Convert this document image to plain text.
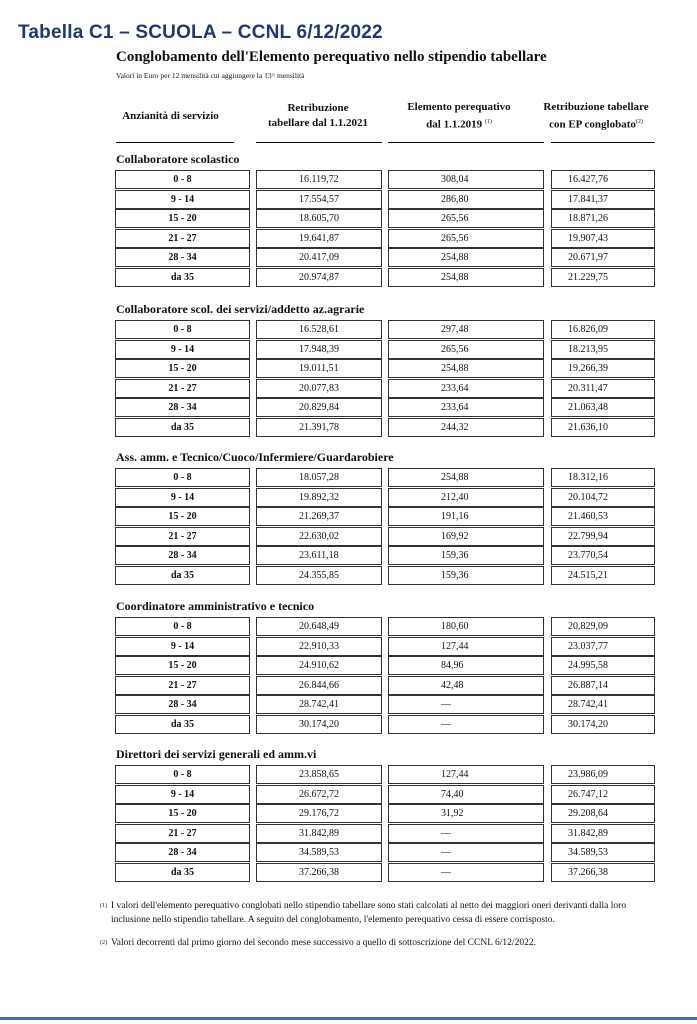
Tabella C1 – SCUOLA – CCNL 6/12/2022
Conglobamento dell'Elemento perequativo nello stipendio tabellare
Valori in Euro per 12 mensilità cui aggiungere la 13^ mensilità
Anzianità di servizio
Retribuzione tabellare dal 1.1.2021
Elemento perequativo dal 1.1.2019 $^{(1)}$
Retribuzione tabellare con EP conglobato$^{(2)}$
Collaboratore scolastico
0 - 8	16.119,72	308,04	16.427,76
9 - 14	17.554,57	286,80	17.841,37
15 - 20	18.605,70	265,56	18.871,26
21 - 27	19.641,87	265,56	19.907,43
28 - 34	20.417,09	254,88	20.671,97
da 35	20.974,87	254,88	21.229,75
Collaboratore scol. dei servizi/addetto az.agrarie
0 - 8	16.528,61	297,48	16.826,09
9 - 14	17.948,39	265,56	18.213,95
15 - 20	19.011,51	254,88	19.266,39
21 - 27	20.077,83	233,64	20.311,47
28 - 34	20.829,84	233,64	21.063,48
da 35	21.391,78	244,32	21.636,10
Ass. amm. e Tecnico/Cuoco/Infermiere/Guardarobiere
0 - 8	18.057,28	254,88	18.312,16
9 - 14	19.892,32	212,40	20.104,72
15 - 20	21.269,37	191,16	21.460,53
21 - 27	22.630,02	169,92	22.799,94
28 - 34	23.611,18	159,36	23.770,54
da 35	24.355,85	159,36	24.515,21
Coordinatore amministrativo e tecnico
0 - 8	20.648,49	180,60	20.829,09
9 - 14	22.910,33	127,44	23.037,77
15 - 20	24.910,62	84,96	24.995,58
21 - 27	26.844,66	42,48	26.887,14
28 - 34	28.742,41	—	28.742,41
da 35	30.174,20	—	30.174,20
Direttori dei servizi generali ed amm.vi
0 - 8	23.858,65	127,44	23.986,09
9 - 14	26.672,72	74,40	26.747,12
15 - 20	29.176,72	31,92	29.208,64
21 - 27	31.842,89	—	31.842,89
28 - 34	34.589,53	—	34.589,53
da 35	37.266,38	—	37.266,38
(1) I valori dell'elemento perequativo conglobati nello stipendio tabellare sono stati calcolati al netto dei maggiori oneri derivanti dalla loro inclusione nello stipendio tabellare. A seguito del conglobamento, l'elemento perequativo cessa di essere corrisposto.
(2) Valori decorrenti dal primo giorno del secondo mese successivo a quello di sottoscrizione del CCNL 6/12/2022.
